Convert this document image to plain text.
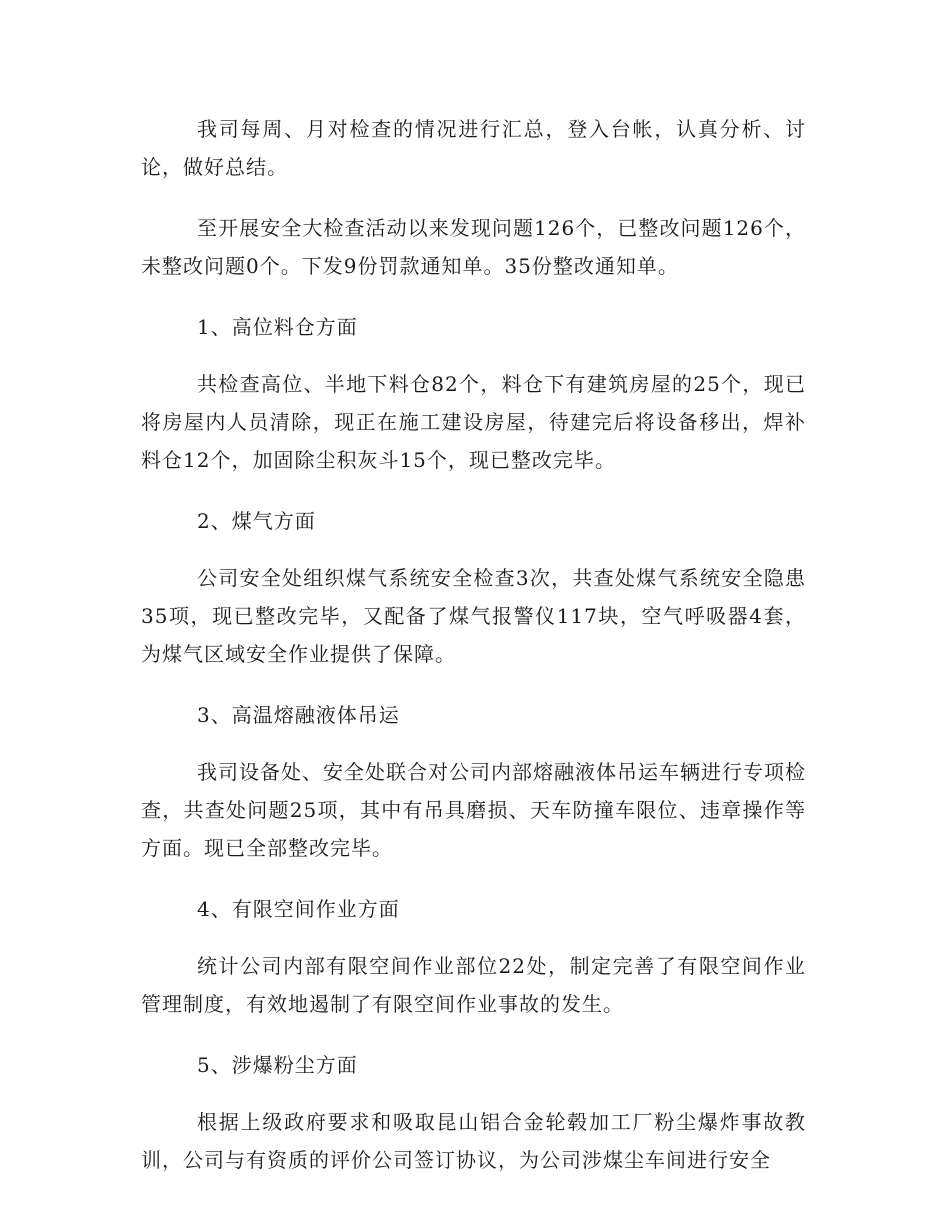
我司每周、月对检查的情况进行汇总，登入台帐，认真分析、讨论，做好总结。

至开展安全大检查活动以来发现问题126个，已整改问题126个，未整改问题0个。下发9份罚款通知单。35份整改通知单。

1、高位料仓方面

共检查高位、半地下料仓82个，料仓下有建筑房屋的25个，现已将房屋内人员清除，现正在施工建设房屋，待建完后将设备移出，焊补料仓12个，加固除尘积灰斗15个，现已整改完毕。

2、煤气方面

公司安全处组织煤气系统安全检查3次，共查处煤气系统安全隐患35项，现已整改完毕，又配备了煤气报警仪117块，空气呼吸器4套，为煤气区域安全作业提供了保障。

3、高温熔融液体吊运

我司设备处、安全处联合对公司内部熔融液体吊运车辆进行专项检查，共查处问题25项，其中有吊具磨损、天车防撞车限位、违章操作等方面。现已全部整改完毕。

4、有限空间作业方面

统计公司内部有限空间作业部位22处，制定完善了有限空间作业管理制度，有效地遏制了有限空间作业事故的发生。

5、涉爆粉尘方面

根据上级政府要求和吸取昆山铝合金轮毂加工厂粉尘爆炸事故教训，公司与有资质的评价公司签订协议，为公司涉煤尘车间进行安全
